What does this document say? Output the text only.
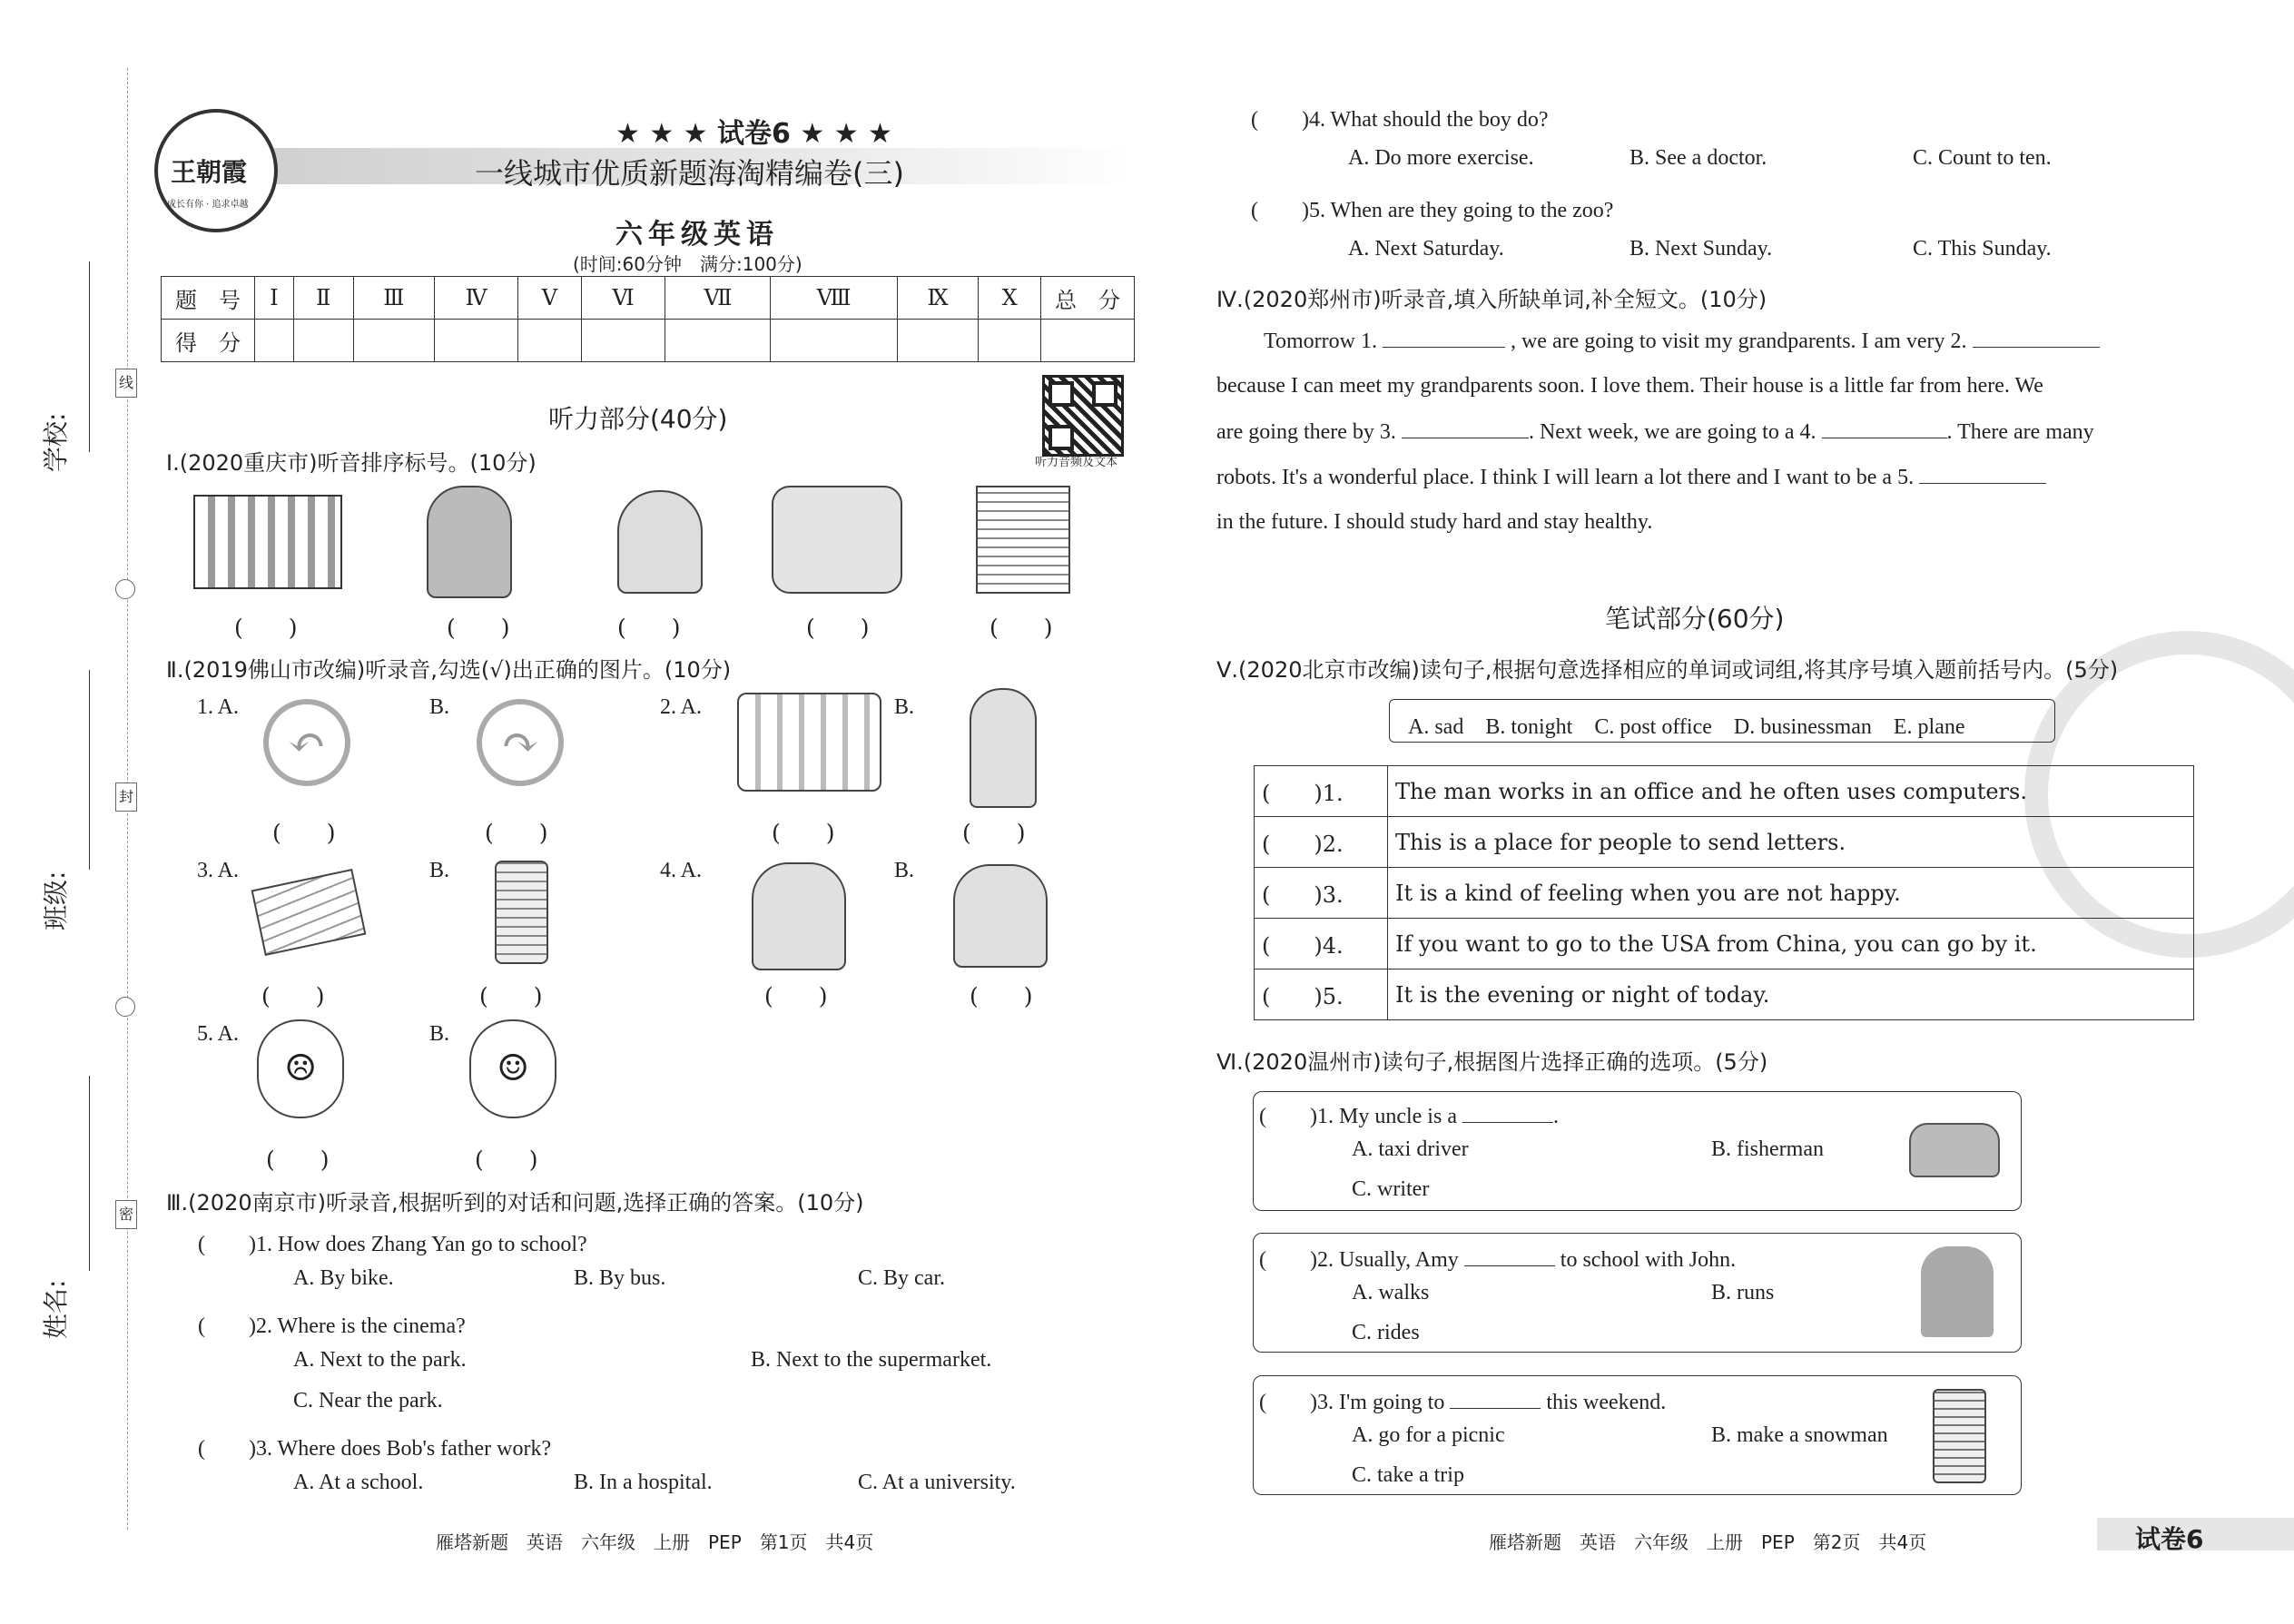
线
封
密
学校:
班级:
姓名:
王朝霞
成长有你 · 追求卓越
★ ★ ★ 试卷6 ★ ★ ★
一线城市优质新题海淘精编卷(三)
六年级英语
(时间:60分钟　满分:100分)
题　号	Ⅰ	Ⅱ	Ⅲ	Ⅳ	Ⅴ	Ⅵ	Ⅶ	Ⅷ	Ⅸ	Ⅹ	总　分
得　分											
听力部分(40分)
听力音频及文本
Ⅰ.(2020重庆市)听音排序标号。(10分)
(　　)	(　　)	(　　)	(　　)	(　　)
Ⅱ.(2019佛山市改编)听录音,勾选(√)出正确的图片。(10分)
1. A.
↶
B.
↷
2. A.	B.
(　　)	(　　)	(　　)	(　　)
3. A.	B.	4. A.	B.
(　　)	(　　)	(　　)	(　　)
5. A.
☹
B.
☺
(　　)	(　　)
Ⅲ.(2020南京市)听录音,根据听到的对话和问题,选择正确的答案。(10分)
(　　)1. How does Zhang Yan go to school?
A. By bike.	B. By bus.	C. By car.
(　　)2. Where is the cinema?
A. Next to the park.	B. Next to the supermarket.
C. Near the park.
(　　)3. Where does Bob's father work?
A. At a school.	B. In a hospital.	C. At a university.
雁塔新题　英语　六年级　上册　PEP　第1页　共4页
(　　)4. What should the boy do?
A. Do more exercise.	B. See a doctor.	C. Count to ten.
(　　)5. When are they going to the zoo?
A. Next Saturday.	B. Next Sunday.	C. This Sunday.
Ⅳ.(2020郑州市)听录音,填入所缺单词,补全短文。(10分)
Tomorrow 1.	, we are going to visit my grandparents. I am very 2.
because I can meet my grandparents soon. I love them. Their house is a little far from here. We
are going there by 3.	. Next week, we are going to a 4.	. There are many
robots. It's a wonderful place. I think I will learn a lot there and I want to be a 5.
in the future. I should study hard and stay healthy.
笔试部分(60分)
Ⅴ.(2020北京市改编)读句子,根据句意选择相应的单词或词组,将其序号填入题前括号内。(5分)
A. sad　B. tonight　C. post office　D. businessman　E. plane
(　　)1.	The man works in an office and he often uses computers.
(　　)2.	This is a place for people to send letters.
(　　)3.	It is a kind of feeling when you are not happy.
(　　)4.	If you want to go to the USA from China, you can go by it.
(　　)5.	It is the evening or night of today.
Ⅵ.(2020温州市)读句子,根据图片选择正确的选项。(5分)
(　　)1. My uncle is a	.
A. taxi driver	B. fisherman
C. writer
(　　)2. Usually, Amy	to school with John.
A. walks	B. runs
C. rides
(　　)3. I'm going to	this weekend.
A. go for a picnic	B. make a snowman
C. take a trip
雁塔新题　英语　六年级　上册　PEP　第2页　共4页	试卷6
